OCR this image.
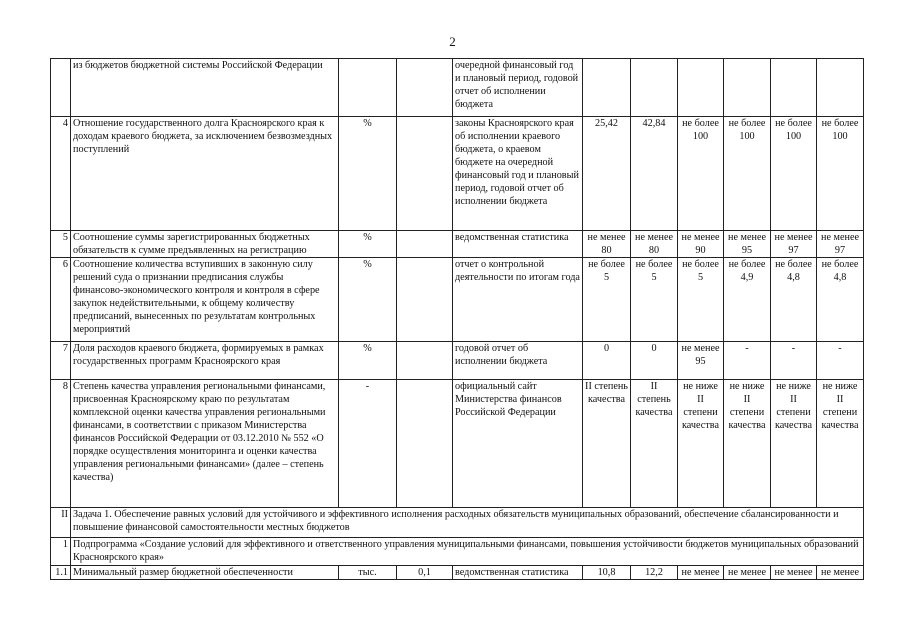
2
	из бюджетов бюджетной системы Российской Федерации			очередной финансовый год и плановый период, годовой отчет об исполнении бюджета						
4	Отношение государственного долга Красноярского края к доходам краевого бюджета, за исключением безвозмездных поступлений	%		законы Красноярского края об исполнении краевого бюджета, о краевом бюджете на очередной финансовый год и плановый период, годовой отчет об исполнении бюджета	25,42	42,84	не более 100	не более 100	не более 100	не более 100
5	Соотношение суммы зарегистрированных бюджетных обязательств к сумме предъявленных на регистрацию	%		ведомственная статистика	не менее 80	не менее 80	не менее 90	не менее 95	не менее 97	не менее 97
6	Соотношение количества вступивших в законную силу решений суда о признании предписания службы финансово-экономического контроля и контроля в сфере закупок недействительными, к общему количеству предписаний, вынесенных по результатам контрольных мероприятий	%		отчет о контрольной деятельности по итогам года	не более 5	не более 5	не более 5	не более 4,9	не более 4,8	не более 4,8
7	Доля расходов краевого бюджета, формируемых в рамках государственных программ Красноярского края	%		годовой отчет об исполнении бюджета	0	0	не менее 95	-	-	-
8	Степень качества управления региональными финансами, присвоенная Красноярскому краю по результатам комплексной оценки качества управления региональными финансами, в соответствии с приказом Министерства финансов Российской Федерации от 03.12.2010 № 552 «О порядке осуществления мониторинга и оценки качества управления региональными финансами» (далее – степень качества)	-		официальный сайт Министерства финансов Российской Федерации	II степень качества	II степень качества	не ниже II степени качества	не ниже II степени качества	не ниже II степени качества	не ниже II степени качества
II	Задача 1. Обеспечение равных условий для устойчивого и эффективного исполнения расходных обязательств муниципальных образований, обеспечение сбалансированности и повышение финансовой самостоятельности местных бюджетов									
1	Подпрограмма «Создание условий для эффективного и ответственного управления муниципальными финансами, повышения устойчивости бюджетов муниципальных образований Красноярского края»									
1.1	Минимальный размер бюджетной обеспеченности	тыс.	0,1	ведомственная статистика	10,8	12,2	не менее	не менее	не менее	не менее
